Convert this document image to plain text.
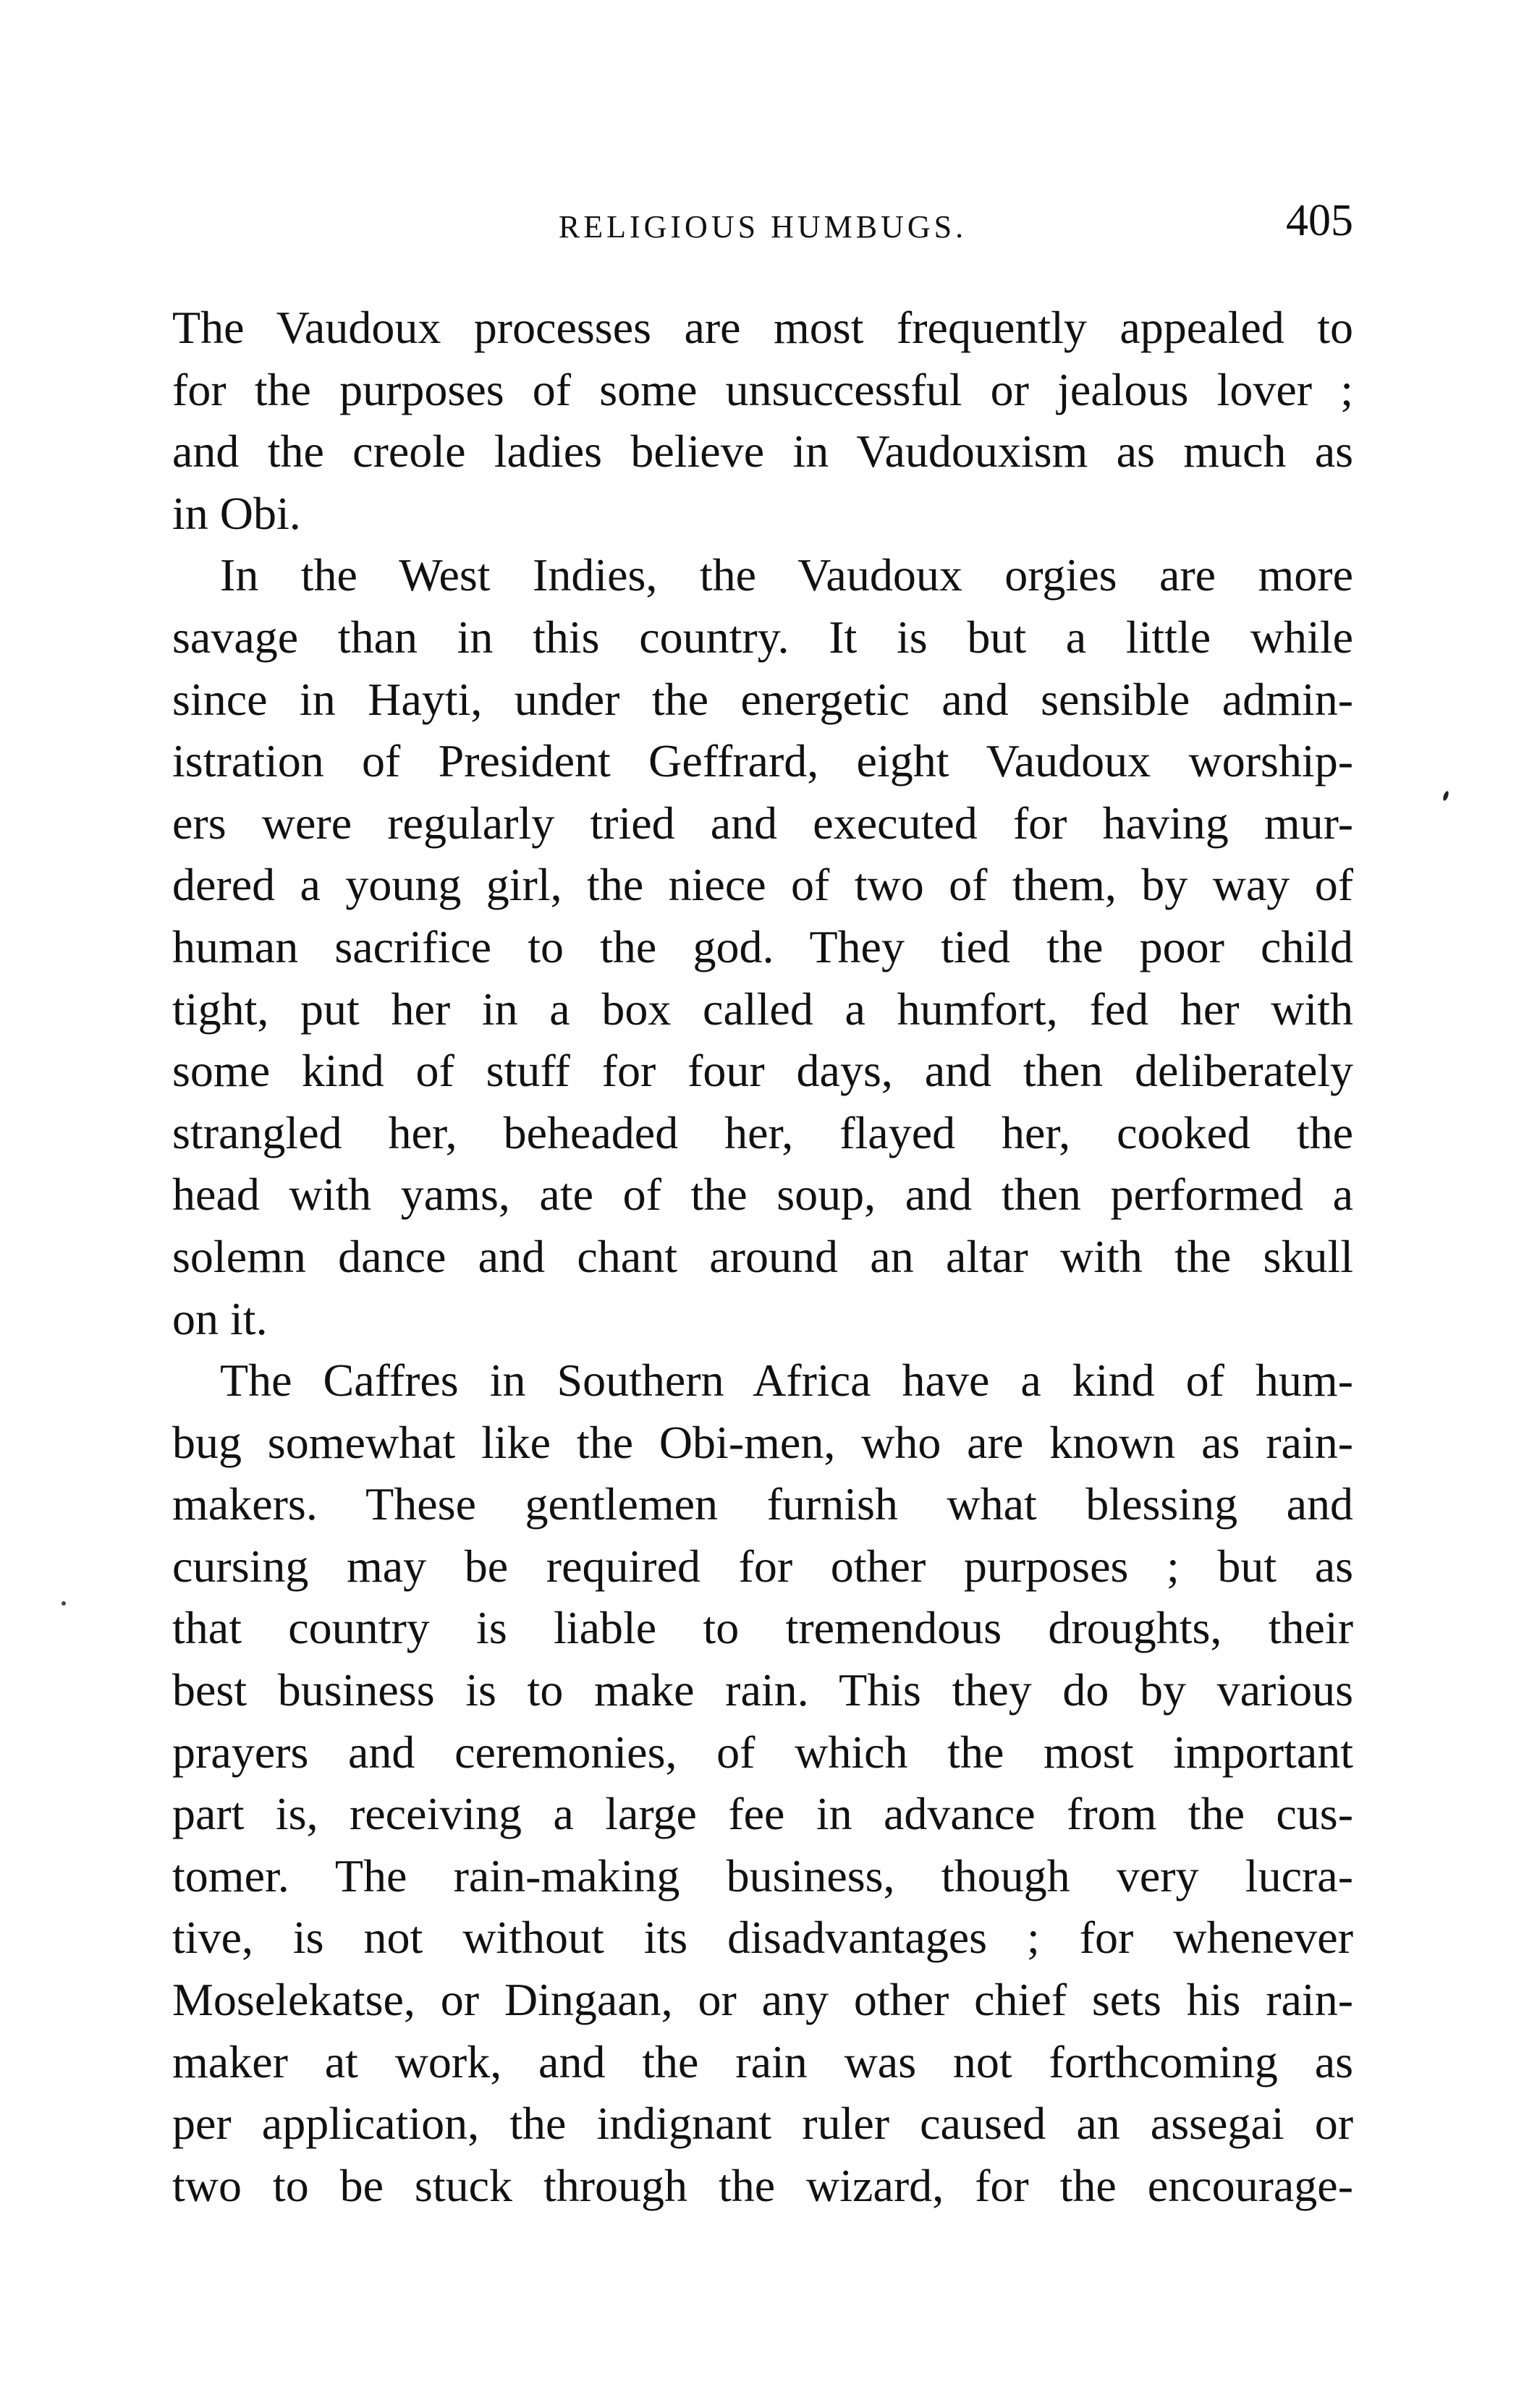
RELIGIOUS HUMBUGS.	405
The Vaudoux processes are most frequently appealed to
for the purposes of some unsuccessful or jealous lover ;
and the creole ladies believe in Vaudouxism as much as
in Obi.
In the West Indies, the Vaudoux orgies are more
savage than in this country. It is but a little while
since in Hayti, under the energetic and sensible admin-
istration of President Geffrard, eight Vaudoux worship-
ers were regularly tried and executed for having mur-
dered a young girl, the niece of two of them, by way of
human sacrifice to the god. They tied the poor child
tight, put her in a box called a humfort, fed her with
some kind of stuff for four days, and then deliberately
strangled her, beheaded her, flayed her, cooked the
head with yams, ate of the soup, and then performed a
solemn dance and chant around an altar with the skull
on it.
The Caffres in Southern Africa have a kind of hum-
bug somewhat like the Obi-men, who are known as rain-
makers. These gentlemen furnish what blessing and
cursing may be required for other purposes ; but as
that country is liable to tremendous droughts, their
best business is to make rain. This they do by various
prayers and ceremonies, of which the most important
part is, receiving a large fee in advance from the cus-
tomer. The rain-making business, though very lucra-
tive, is not without its disadvantages ; for whenever
Moselekatse, or Dingaan, or any other chief sets his rain-
maker at work, and the rain was not forthcoming as
per application, the indignant ruler caused an assegai or
two to be stuck through the wizard, for the encourage-
